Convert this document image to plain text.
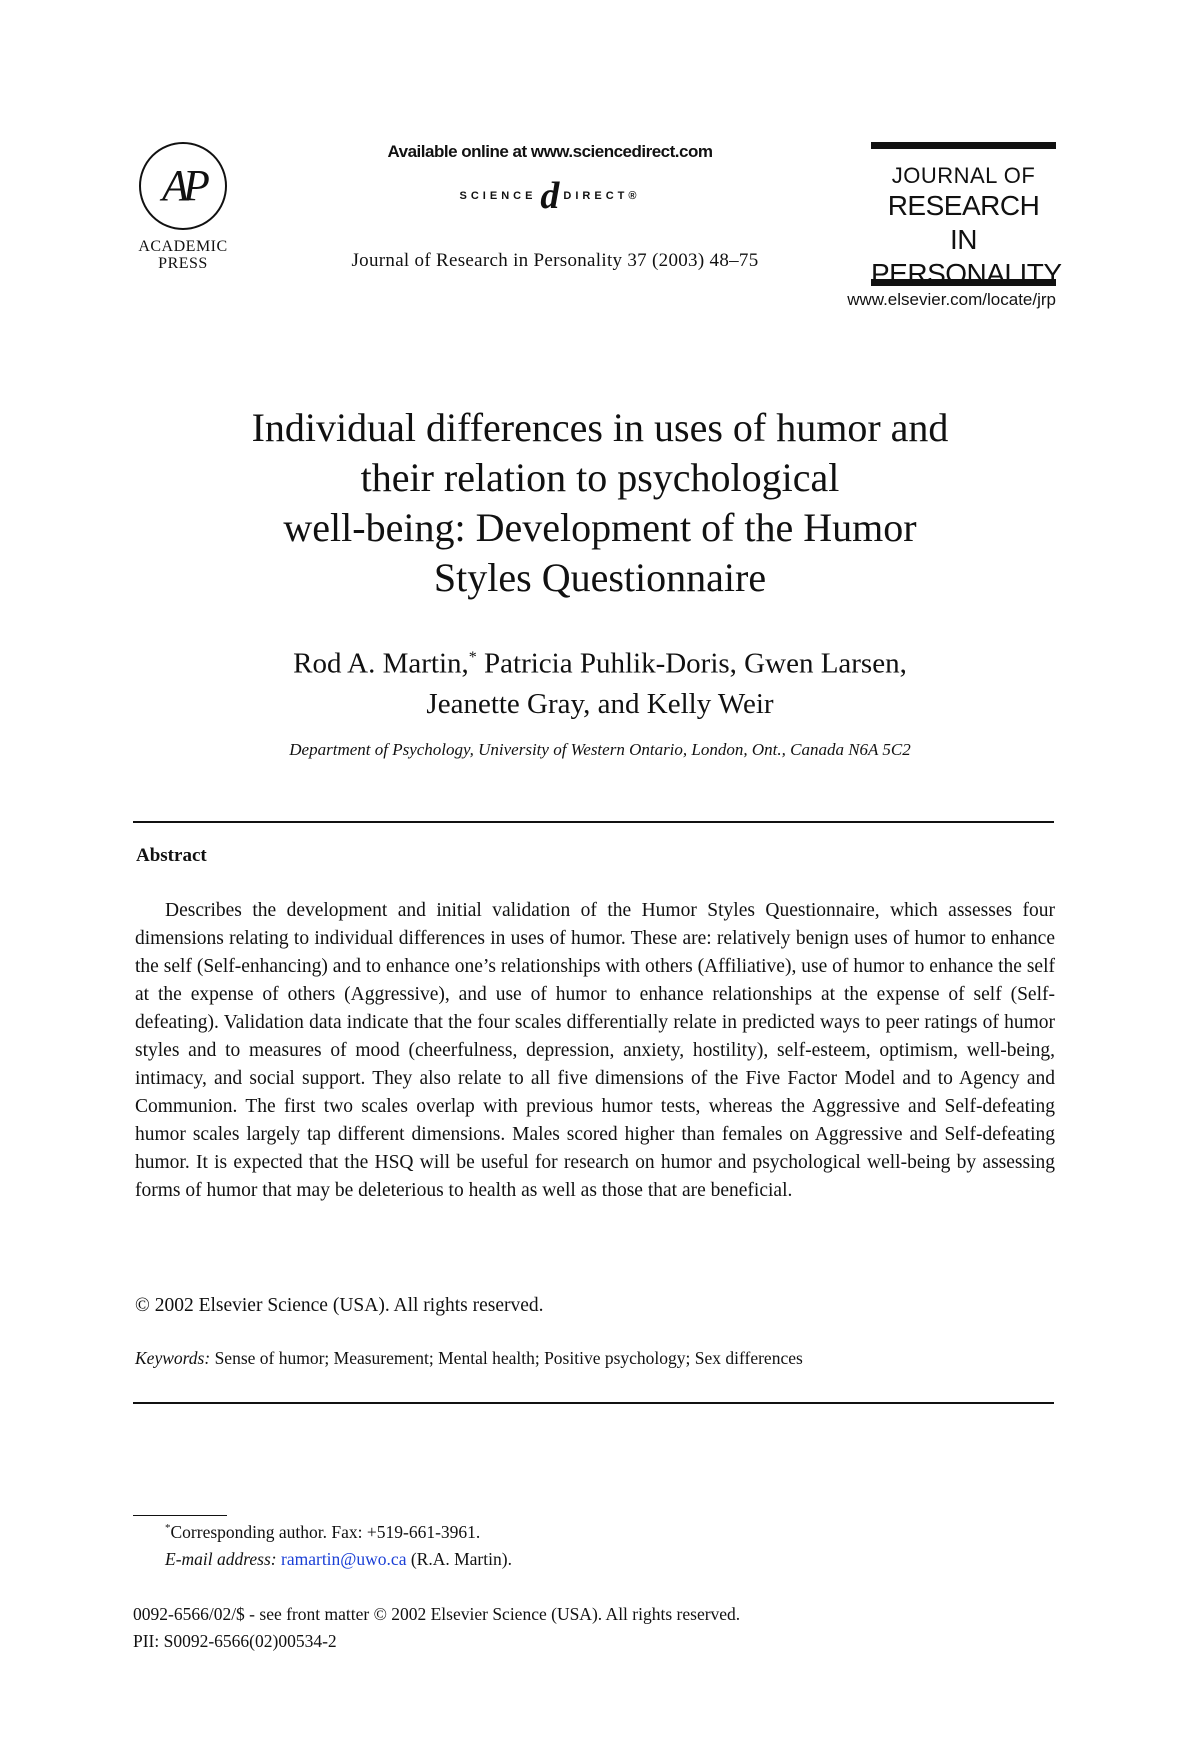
AP
ACADEMIC
PRESS
Available online at www.sciencedirect.com
SCIENCE d DIRECT®
Journal of Research in Personality 37 (2003) 48–75
JOURNAL OF
RESEARCH IN
PERSONALITY
www.elsevier.com/locate/jrp
Individual differences in uses of humor and
their relation to psychological
well-being: Development of the Humor
Styles Questionnaire
Rod A. Martin,* Patricia Puhlik-Doris, Gwen Larsen,
Jeanette Gray, and Kelly Weir
Department of Psychology, University of Western Ontario, London, Ont., Canada N6A 5C2
Abstract
Describes the development and initial validation of the Humor Styles Questionnaire, which assesses four dimensions relating to individual differences in uses of humor. These are: relatively benign uses of humor to enhance the self (Self-enhancing) and to enhance one’s relationships with others (Affiliative), use of humor to enhance the self at the expense of others (Aggressive), and use of humor to enhance relationships at the expense of self (Self-defeating). Validation data indicate that the four scales differentially relate in predicted ways to peer ratings of humor styles and to measures of mood (cheerfulness, depression, anxiety, hostility), self-esteem, optimism, well-being, intimacy, and social support. They also relate to all five dimensions of the Five Factor Model and to Agency and Communion. The first two scales overlap with previous humor tests, whereas the Aggressive and Self-defeating humor scales largely tap different dimensions. Males scored higher than females on Aggressive and Self-defeating humor. It is expected that the HSQ will be useful for research on humor and psychological well-being by assessing forms of humor that may be deleterious to health as well as those that are beneficial.
© 2002 Elsevier Science (USA). All rights reserved.
Keywords: Sense of humor; Measurement; Mental health; Positive psychology; Sex differences
*Corresponding author. Fax: +519-661-3961.
E-mail address: ramartin@uwo.ca (R.A. Martin).
0092-6566/02/$ - see front matter © 2002 Elsevier Science (USA). All rights reserved.
PII: S0092-6566(02)00534-2
